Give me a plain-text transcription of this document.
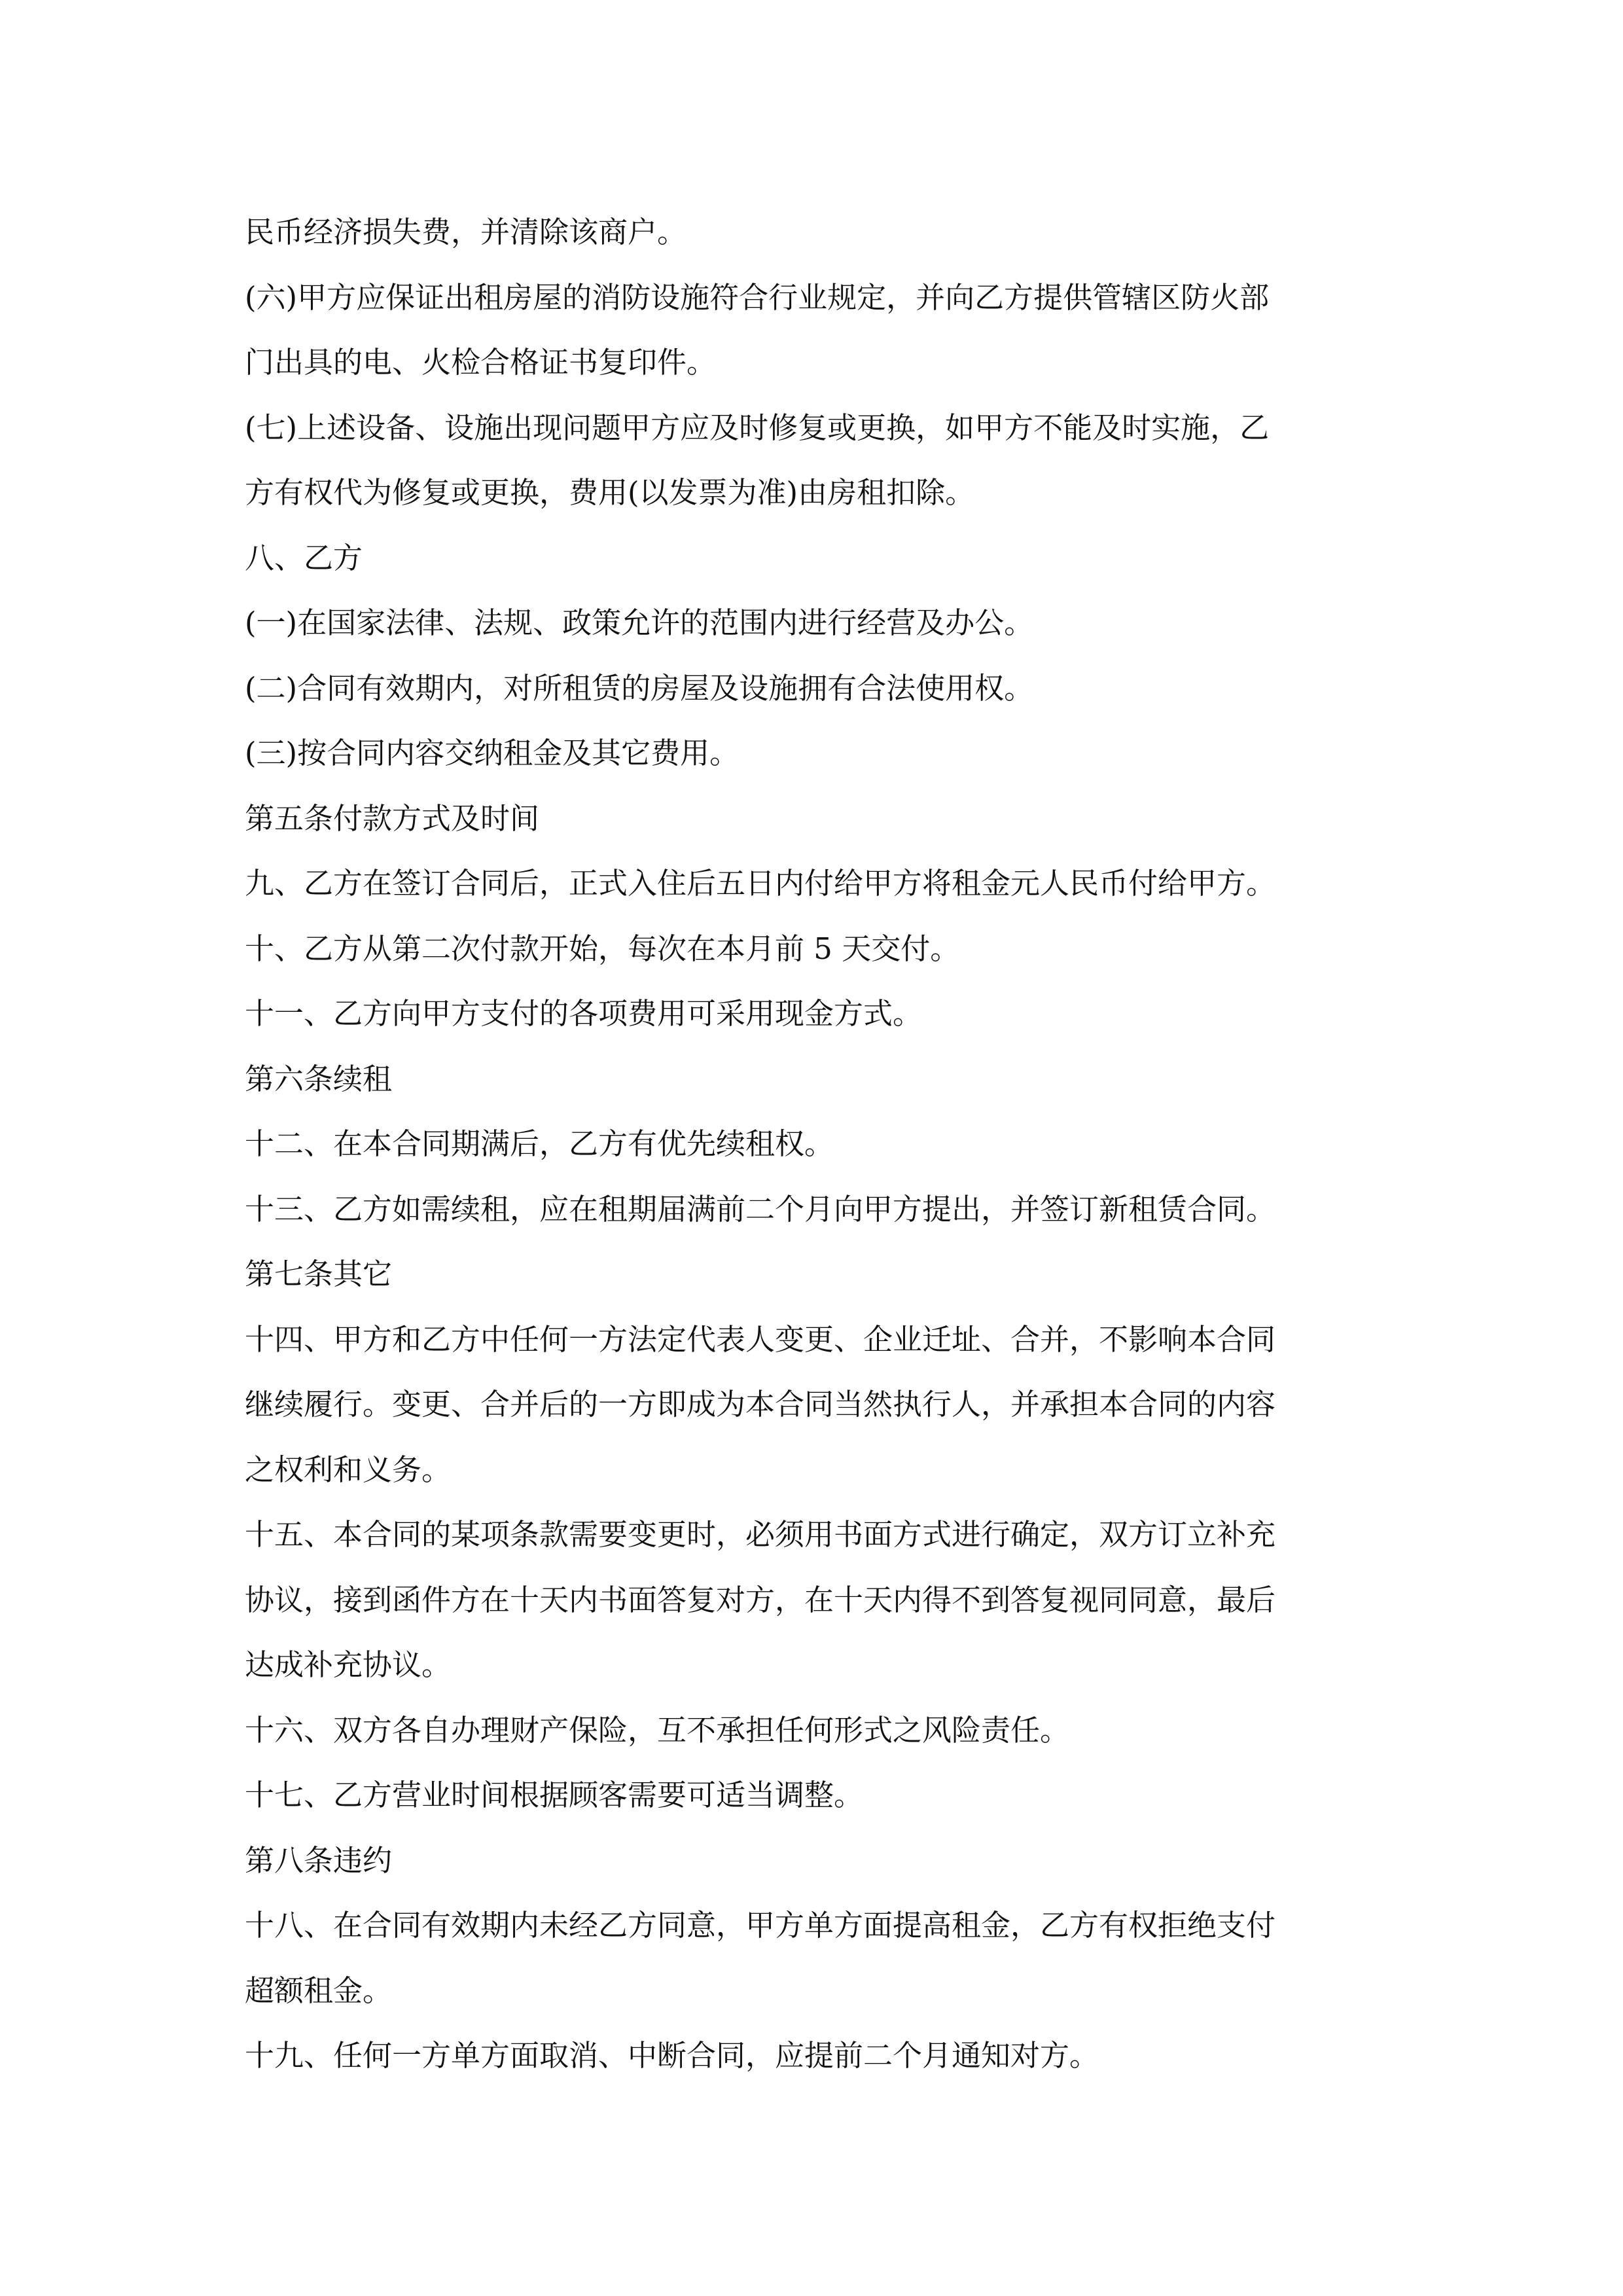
民币经济损失费，并清除该商户。
(六)甲方应保证出租房屋的消防设施符合行业规定，并向乙方提供管辖区防火部
门出具的电、火检合格证书复印件。
(七)上述设备、设施出现问题甲方应及时修复或更换，如甲方不能及时实施，乙
方有权代为修复或更换，费用(以发票为准)由房租扣除。
八、乙方
(一)在国家法律、法规、政策允许的范围内进行经营及办公。
(二)合同有效期内，对所租赁的房屋及设施拥有合法使用权。
(三)按合同内容交纳租金及其它费用。
第五条付款方式及时间
九、乙方在签订合同后，正式入住后五日内付给甲方将租金元人民币付给甲方。
十、乙方从第二次付款开始，每次在本月前 5 天交付。
十一、乙方向甲方支付的各项费用可采用现金方式。
第六条续租
十二、在本合同期满后，乙方有优先续租权。
十三、乙方如需续租，应在租期届满前二个月向甲方提出，并签订新租赁合同。
第七条其它
十四、甲方和乙方中任何一方法定代表人变更、企业迁址、合并，不影响本合同
继续履行。变更、合并后的一方即成为本合同当然执行人，并承担本合同的内容
之权利和义务。
十五、本合同的某项条款需要变更时，必须用书面方式进行确定，双方订立补充
协议，接到函件方在十天内书面答复对方，在十天内得不到答复视同同意，最后
达成补充协议。
十六、双方各自办理财产保险，互不承担任何形式之风险责任。
十七、乙方营业时间根据顾客需要可适当调整。
第八条违约
十八、在合同有效期内未经乙方同意，甲方单方面提高租金，乙方有权拒绝支付
超额租金。
十九、任何一方单方面取消、中断合同，应提前二个月通知对方。
